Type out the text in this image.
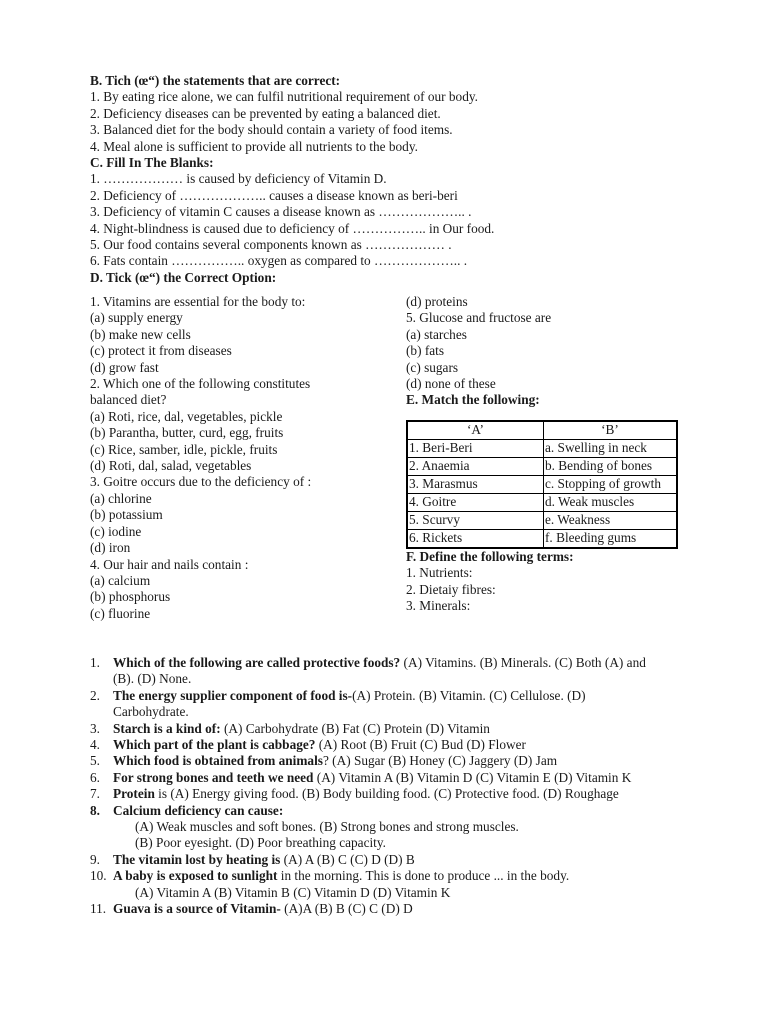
B. Tich (œ“) the statements that are correct:
1. By eating rice alone, we can fulfil nutritional requirement of our body.
2. Deficiency diseases can be prevented by eating a balanced diet.
3. Balanced diet for the body should contain a variety of food items.
4. Meal alone is sufficient to provide all nutrients to the body.
C. Fill In The Blanks:
1. ……………… is caused by deficiency of Vitamin D.
2. Deficiency of ……………….. causes a disease known as beri-beri
3. Deficiency of vitamin C causes a disease known as ……………….. .
4. Night-blindness is caused due to deficiency of …………….. in Our food.
5. Our food contains several components known as ……………… .
6. Fats contain …………….. oxygen as compared to ……………….. .
D. Tick (œ“) the Correct Option:
1. Vitamins are essential for the body to:
(a) supply energy
(b) make new cells
(c) protect it from diseases
(d) grow fast
2. Which one of the following constitutes
balanced diet?
(a) Roti, rice, dal, vegetables, pickle
(b) Parantha, butter, curd, egg, fruits
(c) Rice, samber, idle, pickle, fruits
(d) Roti, dal, salad, vegetables
3. Goitre occurs due to the deficiency of :
(a) chlorine
(b) potassium
(c) iodine
(d) iron
4. Our hair and nails contain :
(a) calcium
(b) phosphorus
(c) fluorine
(d) proteins
5. Glucose and fructose are
(a) starches
(b) fats
(c) sugars
(d) none of these
E. Match the following:
‘A’	‘B’
1. Beri-Beri	a. Swelling in neck
2. Anaemia	b. Bending of bones
3. Marasmus	c. Stopping of growth
4. Goitre	d. Weak muscles
5. Scurvy	e. Weakness
6. Rickets	f. Bleeding gums
F. Define the following terms:
1. Nutrients:
2. Dietaiy fibres:
3. Minerals:
1. Which of the following are called protective foods? (A) Vitamins. (B) Minerals. (C) Both (A) and
(B). (D) None.
2. The energy supplier component of food is-(A) Protein. (B) Vitamin. (C) Cellulose. (D)
Carbohydrate.
3. Starch is a kind of: (A) Carbohydrate (B) Fat (C) Protein (D) Vitamin
4. Which part of the plant is cabbage? (A) Root (B) Fruit (C) Bud (D) Flower
5. Which food is obtained from animals? (A) Sugar (B) Honey (C) Jaggery (D) Jam
6. For strong bones and teeth we need (A) Vitamin A (B) Vitamin D (C) Vitamin E (D) Vitamin K
7. Protein is (A) Energy giving food. (B) Body building food. (C) Protective food. (D) Roughage
8. Calcium deficiency can cause:
(A) Weak muscles and soft bones. (B) Strong bones and strong muscles.
(B) Poor eyesight. (D) Poor breathing capacity.
9. The vitamin lost by heating is (A) A (B) C (C) D (D) B
10. A baby is exposed to sunlight in the morning. This is done to produce ... in the body.
(A) Vitamin A (B) Vitamin B (C) Vitamin D (D) Vitamin K
11. Guava is a source of Vitamin- (A)A (B) B (C) C (D) D
